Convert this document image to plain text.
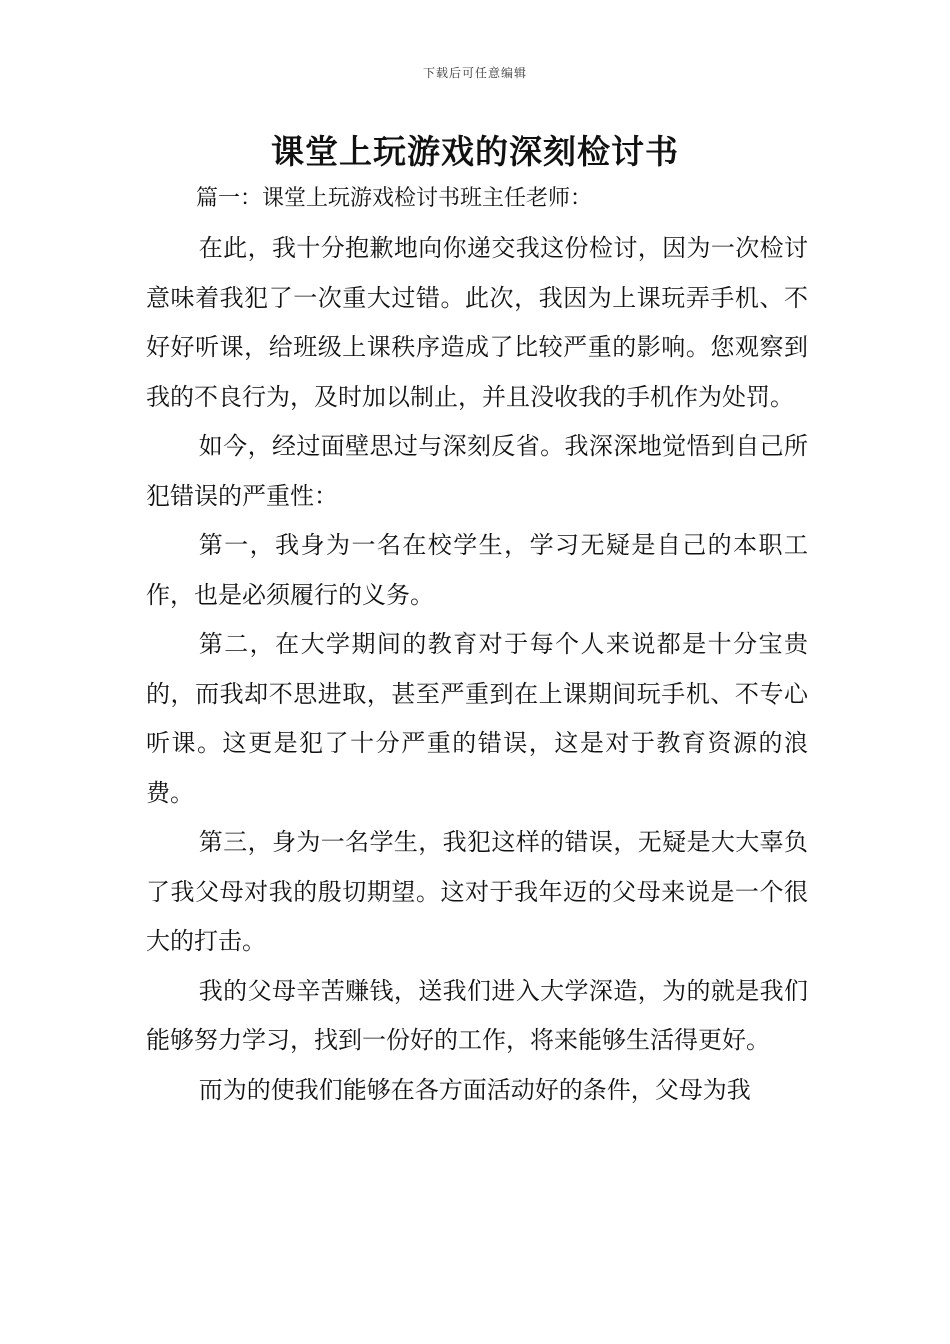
下载后可任意编辑
课堂上玩游戏的深刻检讨书

篇一：课堂上玩游戏检讨书班主任老师：

在此，我十分抱歉地向你递交我这份检讨，因为一次检讨意味着我犯了一次重大过错。此次，我因为上课玩弄手机、不好好听课，给班级上课秩序造成了比较严重的影响。您观察到我的不良行为，及时加以制止，并且没收我的手机作为处罚。

如今，经过面壁思过与深刻反省。我深深地觉悟到自己所犯错误的严重性：

第一，我身为一名在校学生，学习无疑是自己的本职工作，也是必须履行的义务。

第二，在大学期间的教育对于每个人来说都是十分宝贵的，而我却不思进取，甚至严重到在上课期间玩手机、不专心听课。这更是犯了十分严重的错误，这是对于教育资源的浪费。

第三，身为一名学生，我犯这样的错误，无疑是大大辜负了我父母对我的殷切期望。这对于我年迈的父母来说是一个很大的打击。

我的父母辛苦赚钱，送我们进入大学深造，为的就是我们能够努力学习，找到一份好的工作，将来能够生活得更好。

而为的使我们能够在各方面活动好的条件，父母为我
